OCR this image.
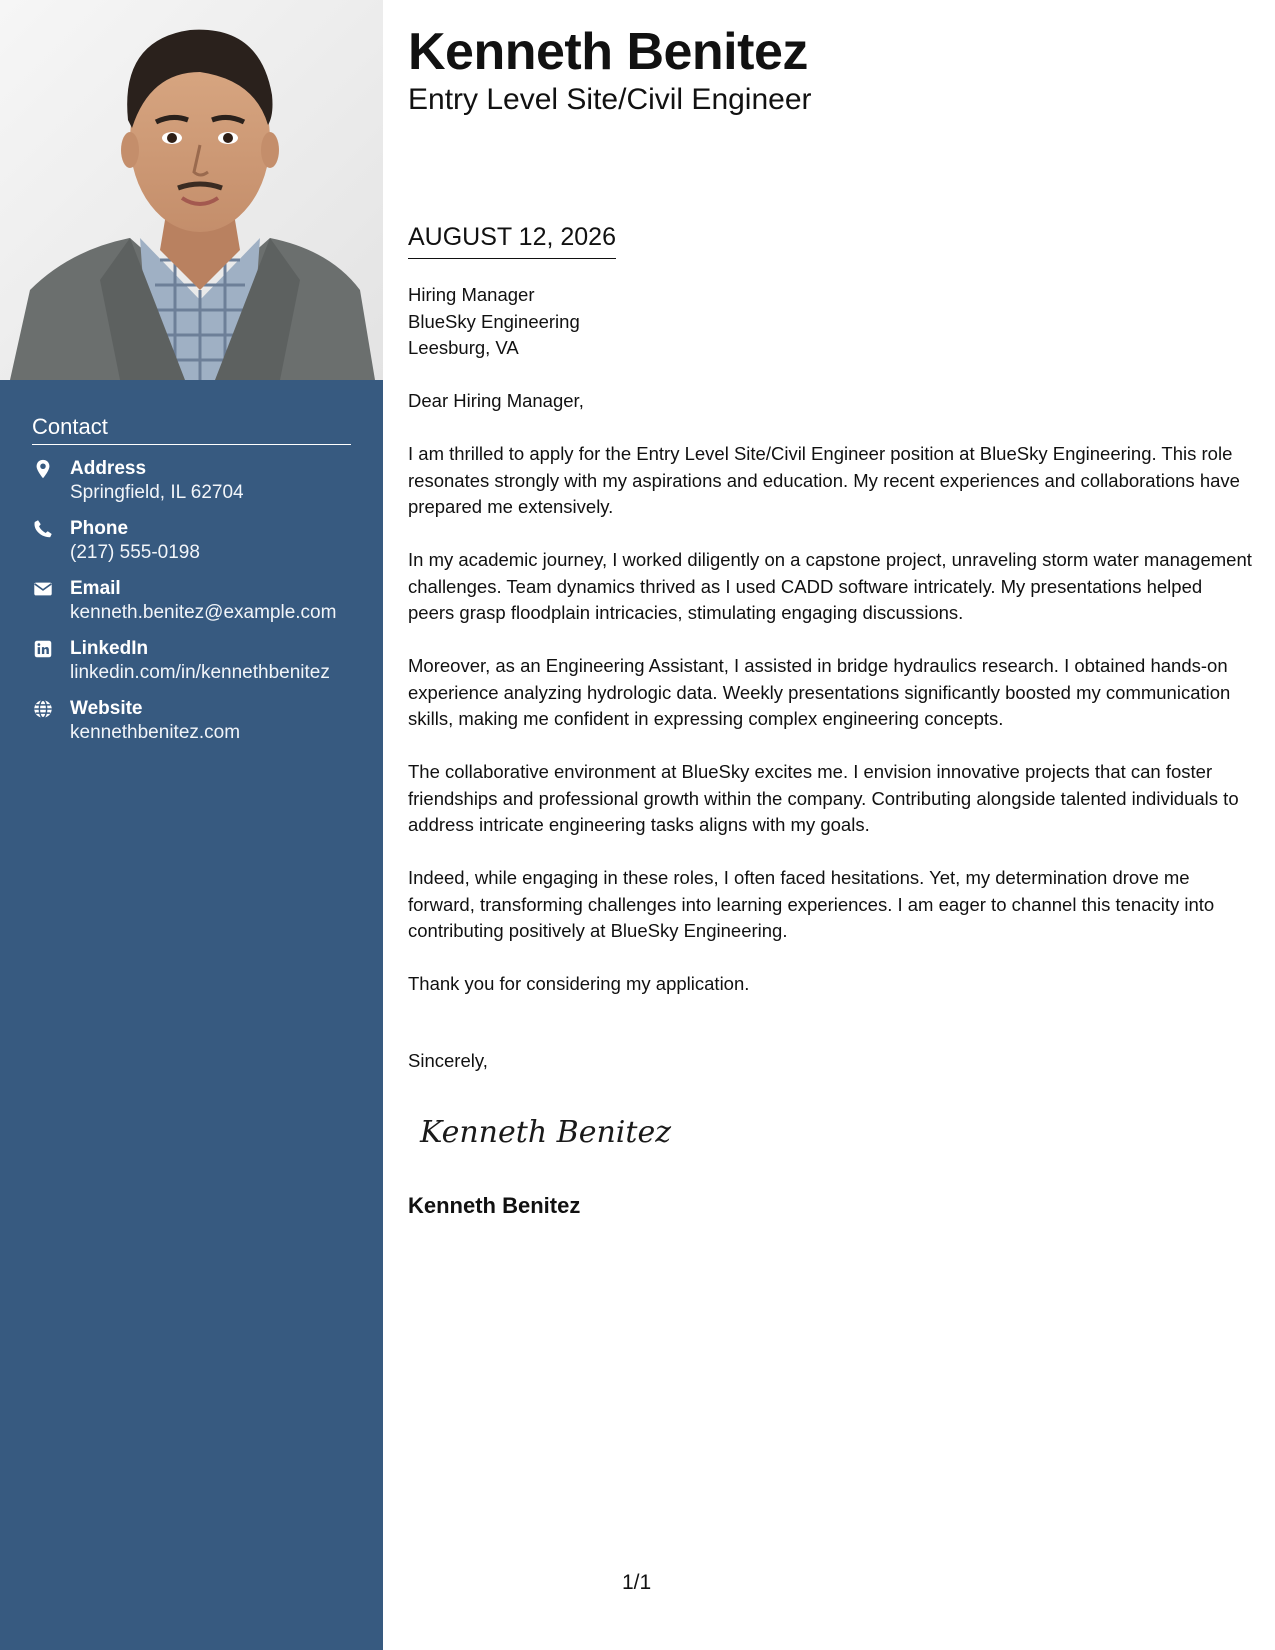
Contact
Address
Springfield, IL 62704
Phone
(217) 555-0198
Email
kenneth.benitez@example.com
LinkedIn
linkedin.com/in/kennethbenitez
Website
kennethbenitez.com
Kenneth Benitez
Entry Level Site/Civil Engineer
AUGUST 12, 2026

Hiring Manager

BlueSky Engineering

Leesburg, VA

Dear Hiring Manager,

I am thrilled to apply for the Entry Level Site/Civil Engineer position at BlueSky Engineering. This role resonates strongly with my aspirations and education. My recent experiences and collaborations have prepared me extensively.

In my academic journey, I worked diligently on a capstone project, unraveling storm water management challenges. Team dynamics thrived as I used CADD software intricately. My presentations helped peers grasp floodplain intricacies, stimulating engaging discussions.

Moreover, as an Engineering Assistant, I assisted in bridge hydraulics research. I obtained hands-on experience analyzing hydrologic data. Weekly presentations significantly boosted my communication skills, making me confident in expressing complex engineering concepts.

The collaborative environment at BlueSky excites me. I envision innovative projects that can foster friendships and professional growth within the company. Contributing alongside talented individuals to address intricate engineering tasks aligns with my goals.

Indeed, while engaging in these roles, I often faced hesitations. Yet, my determination drove me forward, transforming challenges into learning experiences. I am eager to channel this tenacity into contributing positively at BlueSky Engineering.

Thank you for considering my application.

Sincerely,
Kenneth Benitez
Kenneth Benitez
1/1
